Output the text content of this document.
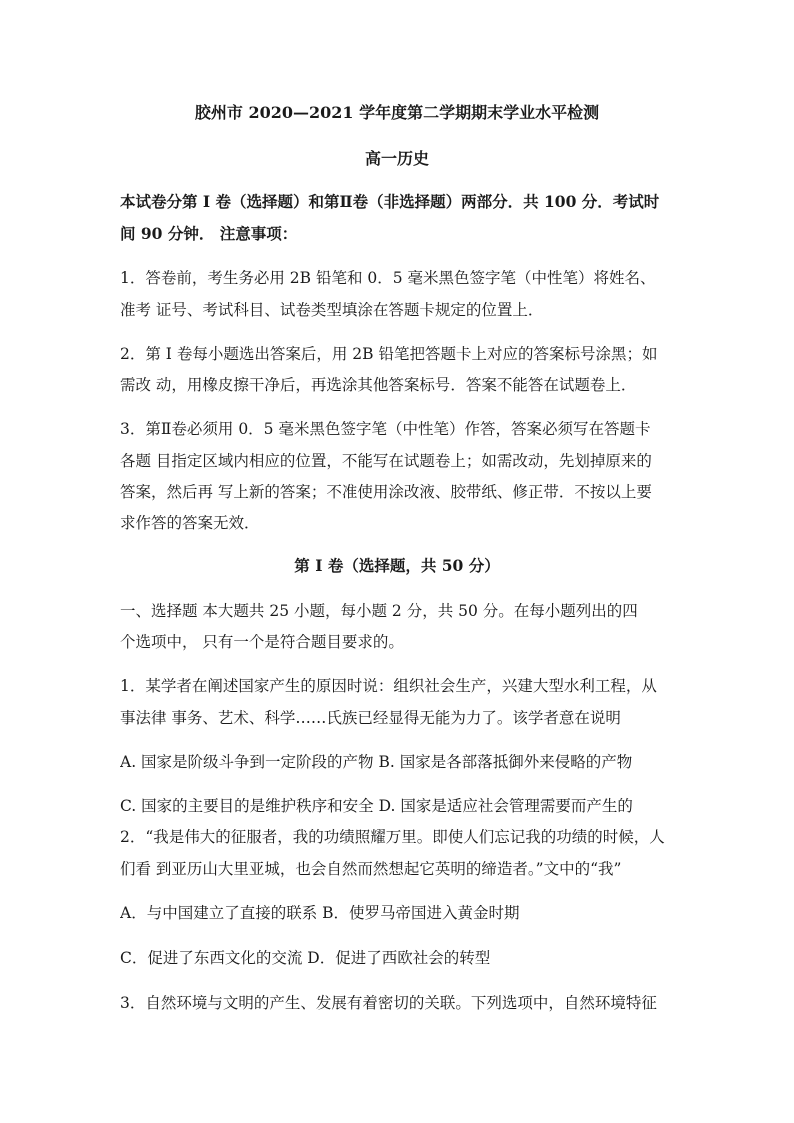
胶州市 2020—2021 学年度第二学期期末学业水平检测
高一历史
本试卷分第 I 卷（选择题）和第Ⅱ卷（非选择题）两部分．共 100 分．考试时
间 90 分钟． 注意事项：
1．答卷前，考生务必用 2B 铅笔和 0．5 毫米黑色签字笔（中性笔）将姓名、
准考 证号、考试科目、试卷类型填涂在答题卡规定的位置上．
2．第 I 卷每小题选出答案后，用 2B 铅笔把答题卡上对应的答案标号涂黑；如
需改 动，用橡皮擦干净后，再选涂其他答案标号．答案不能答在试题卷上．
3．第Ⅱ卷必须用 0．5 毫米黑色签字笔（中性笔）作答，答案必须写在答题卡
各题 目指定区域内相应的位置，不能写在试题卷上；如需改动，先划掉原来的
答案，然后再 写上新的答案；不准使用涂改液、胶带纸、修正带．不按以上要
求作答的答案无效．
第 I 卷（选择题，共 50 分）
一、选择题 本大题共 25 小题，每小题 2 分，共 50 分。在每小题列出的四
个选项中， 只有一个是符合题目要求的。
1．某学者在阐述国家产生的原因时说：组织社会生产，兴建大型水利工程，从
事法律 事务、艺术、科学……氏族已经显得无能为力了。该学者意在说明
A. 国家是阶级斗争到一定阶段的产物 B. 国家是各部落抵御外来侵略的产物
C. 国家的主要目的是维护秩序和安全 D. 国家是适应社会管理需要而产生的
2．“我是伟大的征服者，我的功绩照耀万里。即使人们忘记我的功绩的时候，人
们看 到亚历山大里亚城，也会自然而然想起它英明的缔造者。”文中的“我”
A．与中国建立了直接的联系 B．使罗马帝国进入黄金时期
C．促进了东西文化的交流 D．促进了西欧社会的转型
3．自然环境与文明的产生、发展有着密切的关联。下列选项中，自然环境特征
